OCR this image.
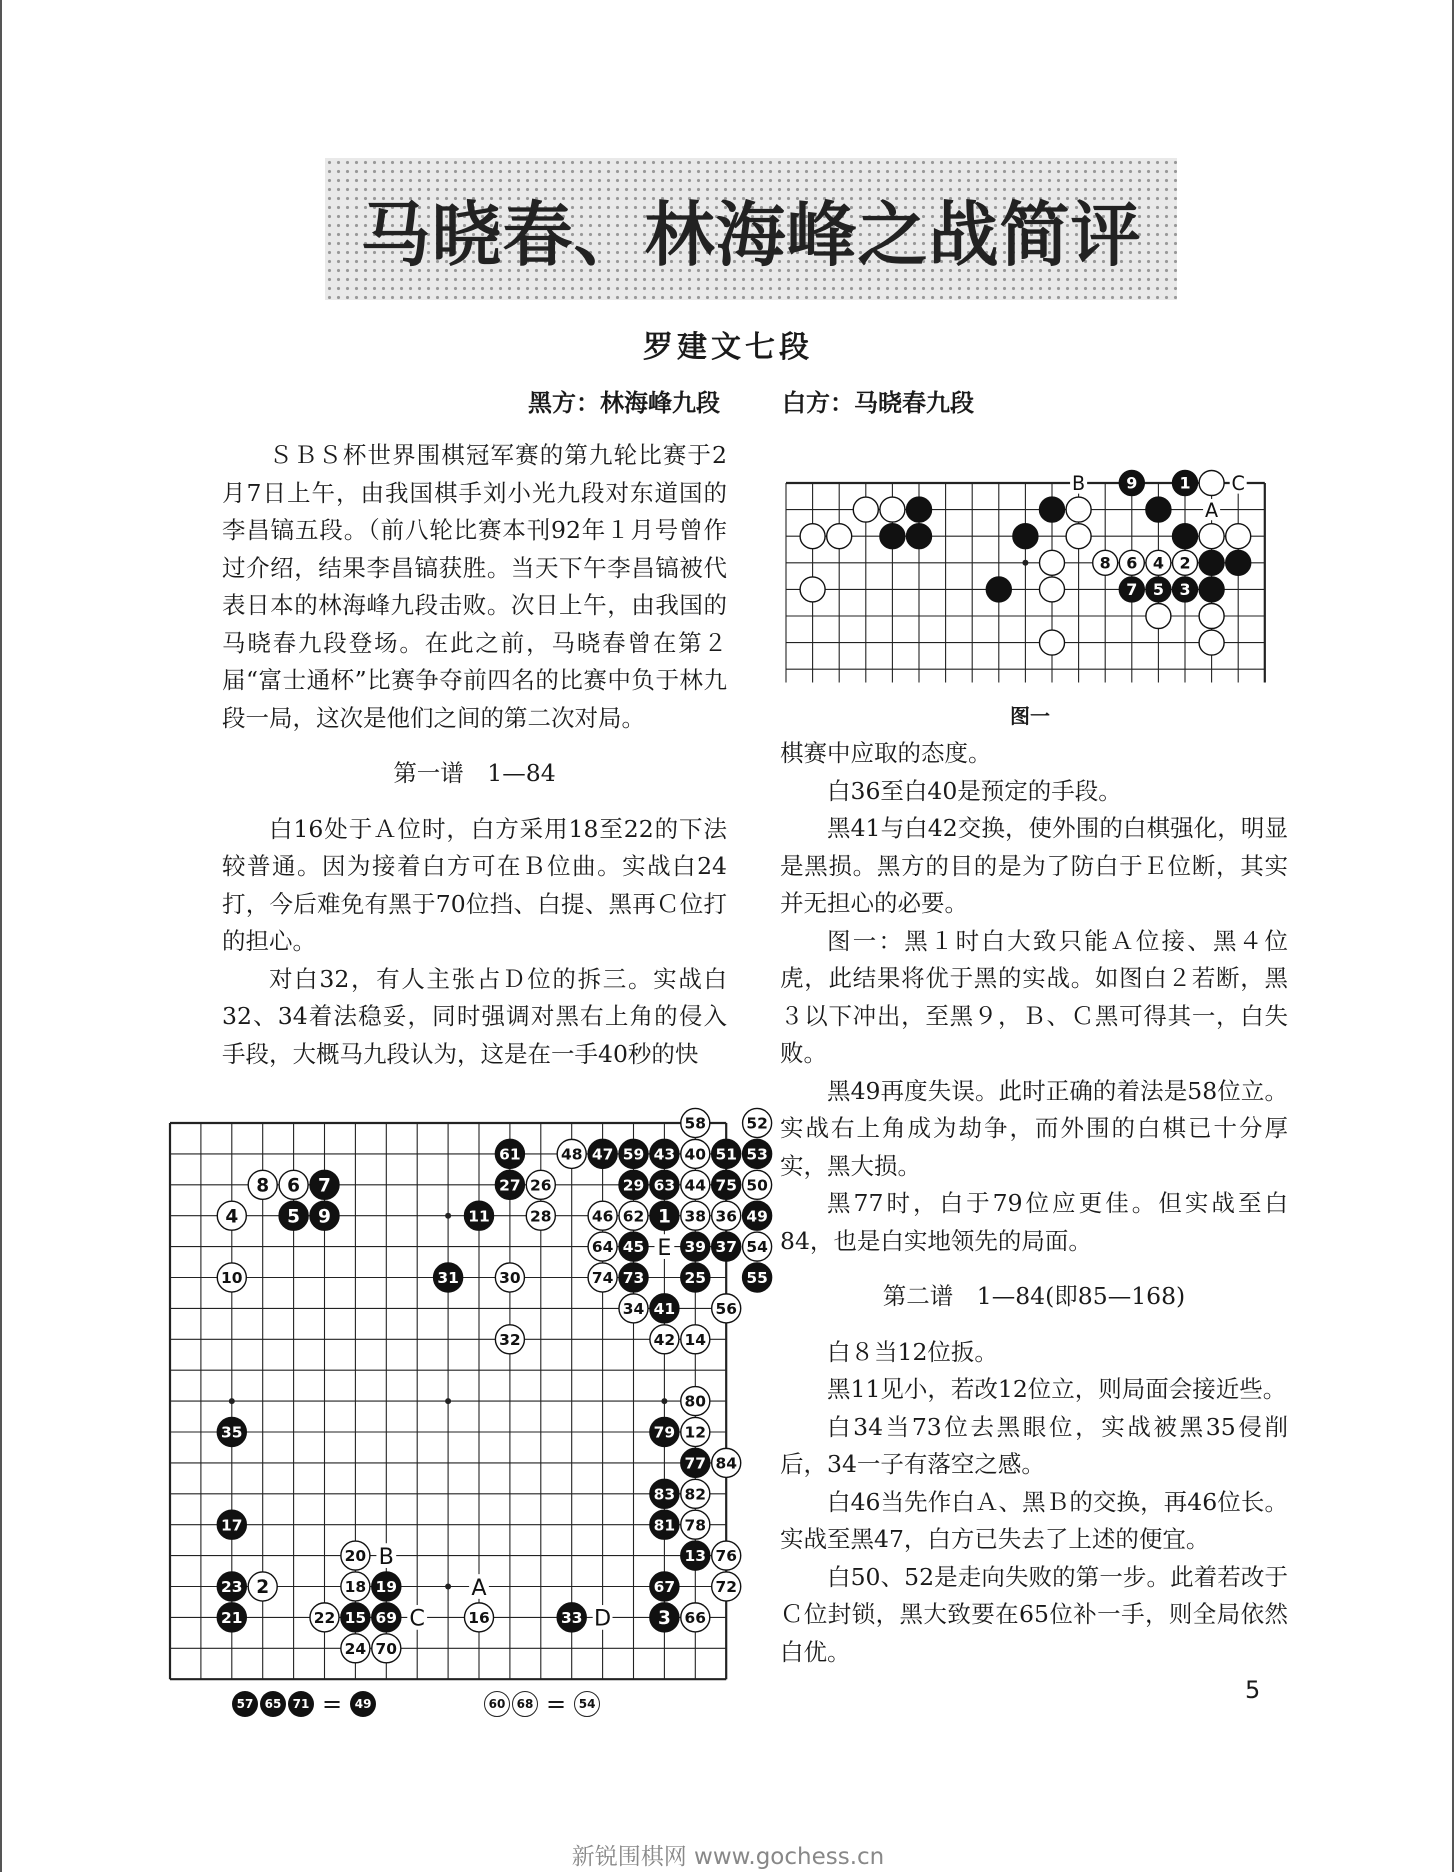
马晓春、林海峰之战简评
罗建文七段
黑方：林海峰九段	白方：马晓春九段

ＳＢＳ杯世界围棋冠军赛的第九轮比赛于2月7日上午，由我国棋手刘小光九段对东道国的李昌镐五段。（前八轮比赛本刊92年１月号曾作过介绍，结果李昌镐获胜。当天下午李昌镐被代表日本的林海峰九段击败。次日上午，由我国的马晓春九段登场。在此之前，马晓春曾在第２届“富士通杯”比赛争夺前四名的比赛中负于林九段一局，这次是他们之间的第二次对局。

第一谱　1—84

白16处于Ａ位时，白方采用18至22的下法较普通。因为接着白方可在Ｂ位曲。实战白24打，今后难免有黑于70位挡、白提、黑再Ｃ位打的担心。

对白32，有人主张占Ｄ位的拆三。实战白32、34着法稳妥，同时强调对黑右上角的侵入手段，大概马九段认为，这是在一手40秒的快

棋赛中应取的态度。

白36至白40是预定的手段。

黑41与白42交换，使外围的白棋强化，明显是黑损。黑方的目的是为了防白于Ｅ位断，其实并无担心的必要。

图一：黑１时白大致只能Ａ位接、黑４位虎，此结果将优于黑的实战。如图白２若断，黑３以下冲出，至黑９，Ｂ、Ｃ黑可得其一，白失败。

黑49再度失误。此时正确的着法是58位立。实战右上角成为劫争，而外围的白棋已十分厚实，黑大损。

黑77时，白于79位应更佳。但实战至白84，也是白实地领先的局面。

第二谱　1—84(即85—168)

白８当12位扳。

黑11见小，若改12位立，则局面会接近些。

白34当73位去黑眼位，实战被黑35侵削后，34一子有落空之感。

白46当先作白Ａ、黑Ｂ的交换，再46位长。实战至黑47，白方已失去了上述的便宜。

白50、52是走向失败的第一步。此着若改于Ｃ位封锁，黑大致要在65位补一手，则全局依然白优。

B	C
A
9	1
8 6 4 2
7 5 3
图一
E
B
A
C	D
58	52
61	48 47 59 43 40 51 53
8 6 7	27 26	29 63 44 75 50
4	5 9	11	28	46 62 1 38 36 49
64 45	39 37 54
10	31	30	74 73	25	55
34 41	56
32	42 14
80
35	79 12
77 84
83 82
17	81 78
20	13 76
23 2	18 19	67	72
21	22 15 69	16	33	3 66
24 70
57 65 71 =	49	60 68 =	54	5
新锐围棋网 www.gochess.cn
